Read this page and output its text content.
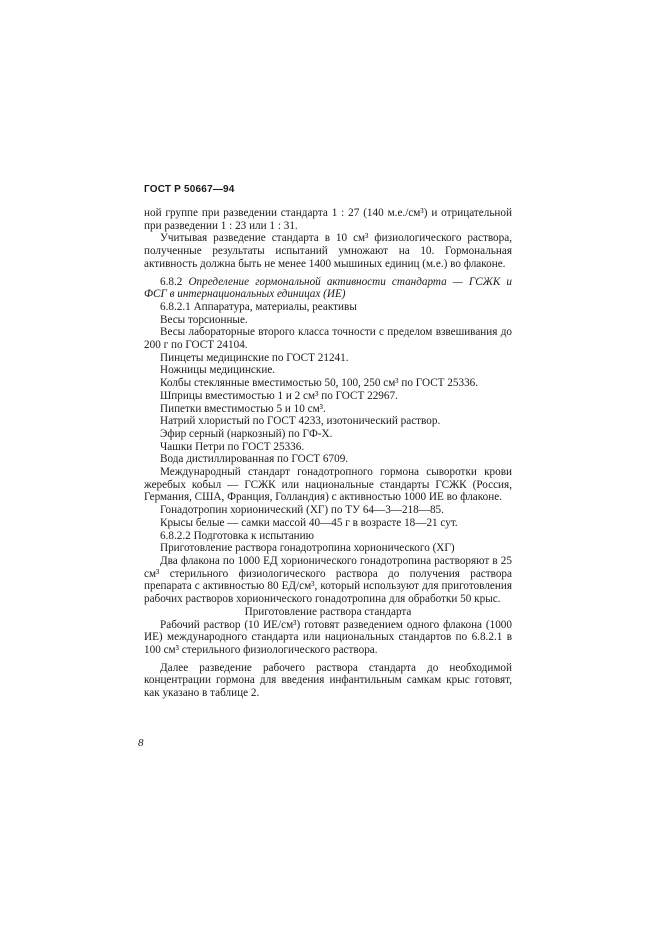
ГОСТ Р 50667—94

ной группе при разведении стандарта 1 : 27 (140 м.е./см³) и отрицательной при разведении 1 : 23 или 1 : 31.

Учитывая разведение стандарта в 10 см³ физиологического раствора, полученные результаты испытаний умножают на 10. Гормональная активность должна быть не менее 1400 мышиных единиц (м.е.) во флаконе.

6.8.2 Определение гормональной активности стандарта — ГСЖК и ФСГ в интернациональных единицах (ИЕ)

6.8.2.1 Аппаратура, материалы, реактивы

Весы торсионные.

Весы лабораторные второго класса точности с пределом взвешивания до 200 г по ГОСТ 24104.

Пинцеты медицинские по ГОСТ 21241.

Ножницы медицинские.

Колбы стеклянные вместимостью 50, 100, 250 см³ по ГОСТ 25336.

Шприцы вместимостью 1 и 2 см³ по ГОСТ 22967.

Пипетки вместимостью 5 и 10 см³.

Натрий хлористый по ГОСТ 4233, изотонический раствор.

Эфир серный (наркозный) по ГФ-Х.

Чашки Петри по ГОСТ 25336.

Вода дистиллированная по ГОСТ 6709.

Международный стандарт гонадотропного гормона сыворотки крови жеребых кобыл — ГСЖК или национальные стандарты ГСЖК (Россия, Германия, США, Франция, Голландия) с активностью 1000 ИЕ во флаконе.

Гонадотропин хорионический (ХГ) по ТУ 64—3—218—85.

Крысы белые — самки массой 40—45 г в возрасте 18—21 сут.

6.8.2.2 Подготовка к испытанию

Приготовление раствора гонадотропина хорионического (ХГ)

Два флакона по 1000 ЕД хорионического гонадотропина растворяют в 25 см³ стерильного физиологического раствора до получения раствора препарата с активностью 80 ЕД/см³, который используют для приготовления рабочих растворов хорионического гонадотропина для обработки 50 крыс.

Приготовление раствора стандарта

Рабочий раствор (10 ИЕ/см³) готовят разведением одного флакона (1000 ИЕ) международного стандарта или национальных стандартов по 6.8.2.1 в 100 см³ стерильного физиологического раствора.

Далее разведение рабочего раствора стандарта до необходимой концентрации гормона для введения инфантильным самкам крыс готовят, как указано в таблице 2.

8
